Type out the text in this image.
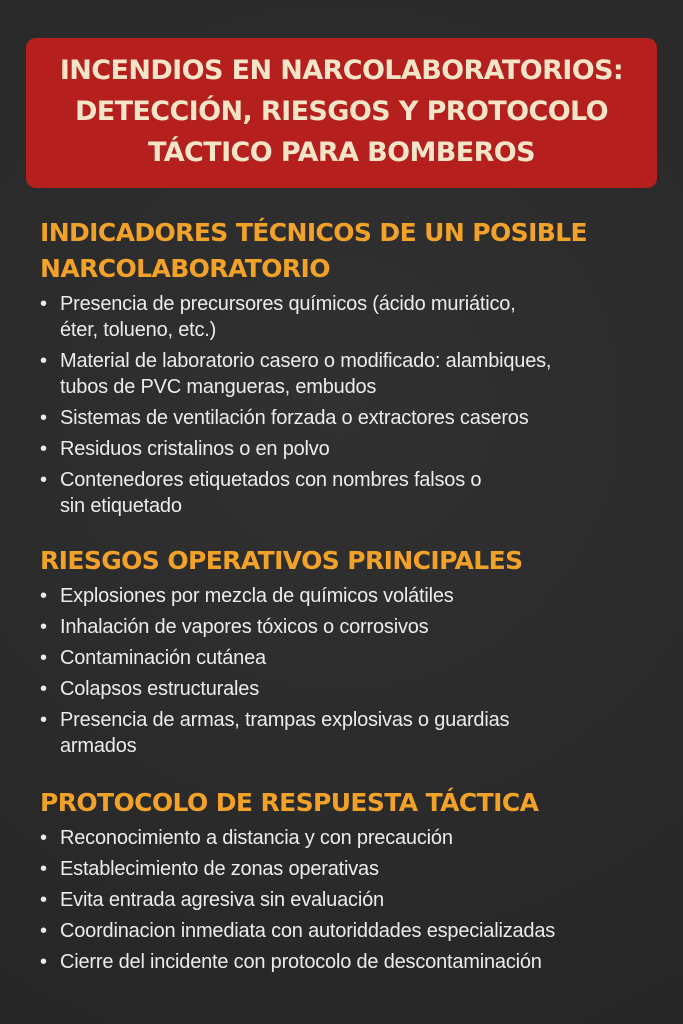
INCENDIOS EN NARCOLABORATORIOS:
DETECCIÓN, RIESGOS Y PROTOCOLO
TÁCTICO PARA BOMBEROS
INDICADORES TÉCNICOS DE UN POSIBLE
NARCOLABORATORIO
• Presencia de precursores químicos (ácido muriático,
éter, tolueno, etc.)
• Material de laboratorio casero o modificado: alambiques,
tubos de PVC mangueras, embudos
• Sistemas de ventilación forzada o extractores caseros
• Residuos cristalinos o en polvo
• Contenedores etiquetados con nombres falsos o
sin etiquetado
RIESGOS OPERATIVOS PRINCIPALES
• Explosiones por mezcla de químicos volátiles
• Inhalación de vapores tóxicos o corrosivos
• Contaminación cutánea
• Colapsos estructurales
• Presencia de armas, trampas explosivas o guardias
armados
PROTOCOLO DE RESPUESTA TÁCTICA
• Reconocimiento a distancia y con precaución
• Establecimiento de zonas operativas
• Evita entrada agresiva sin evaluación
• Coordinacion inmediata con autoriddades especializadas
• Cierre del incidente con protocolo de descontaminación
